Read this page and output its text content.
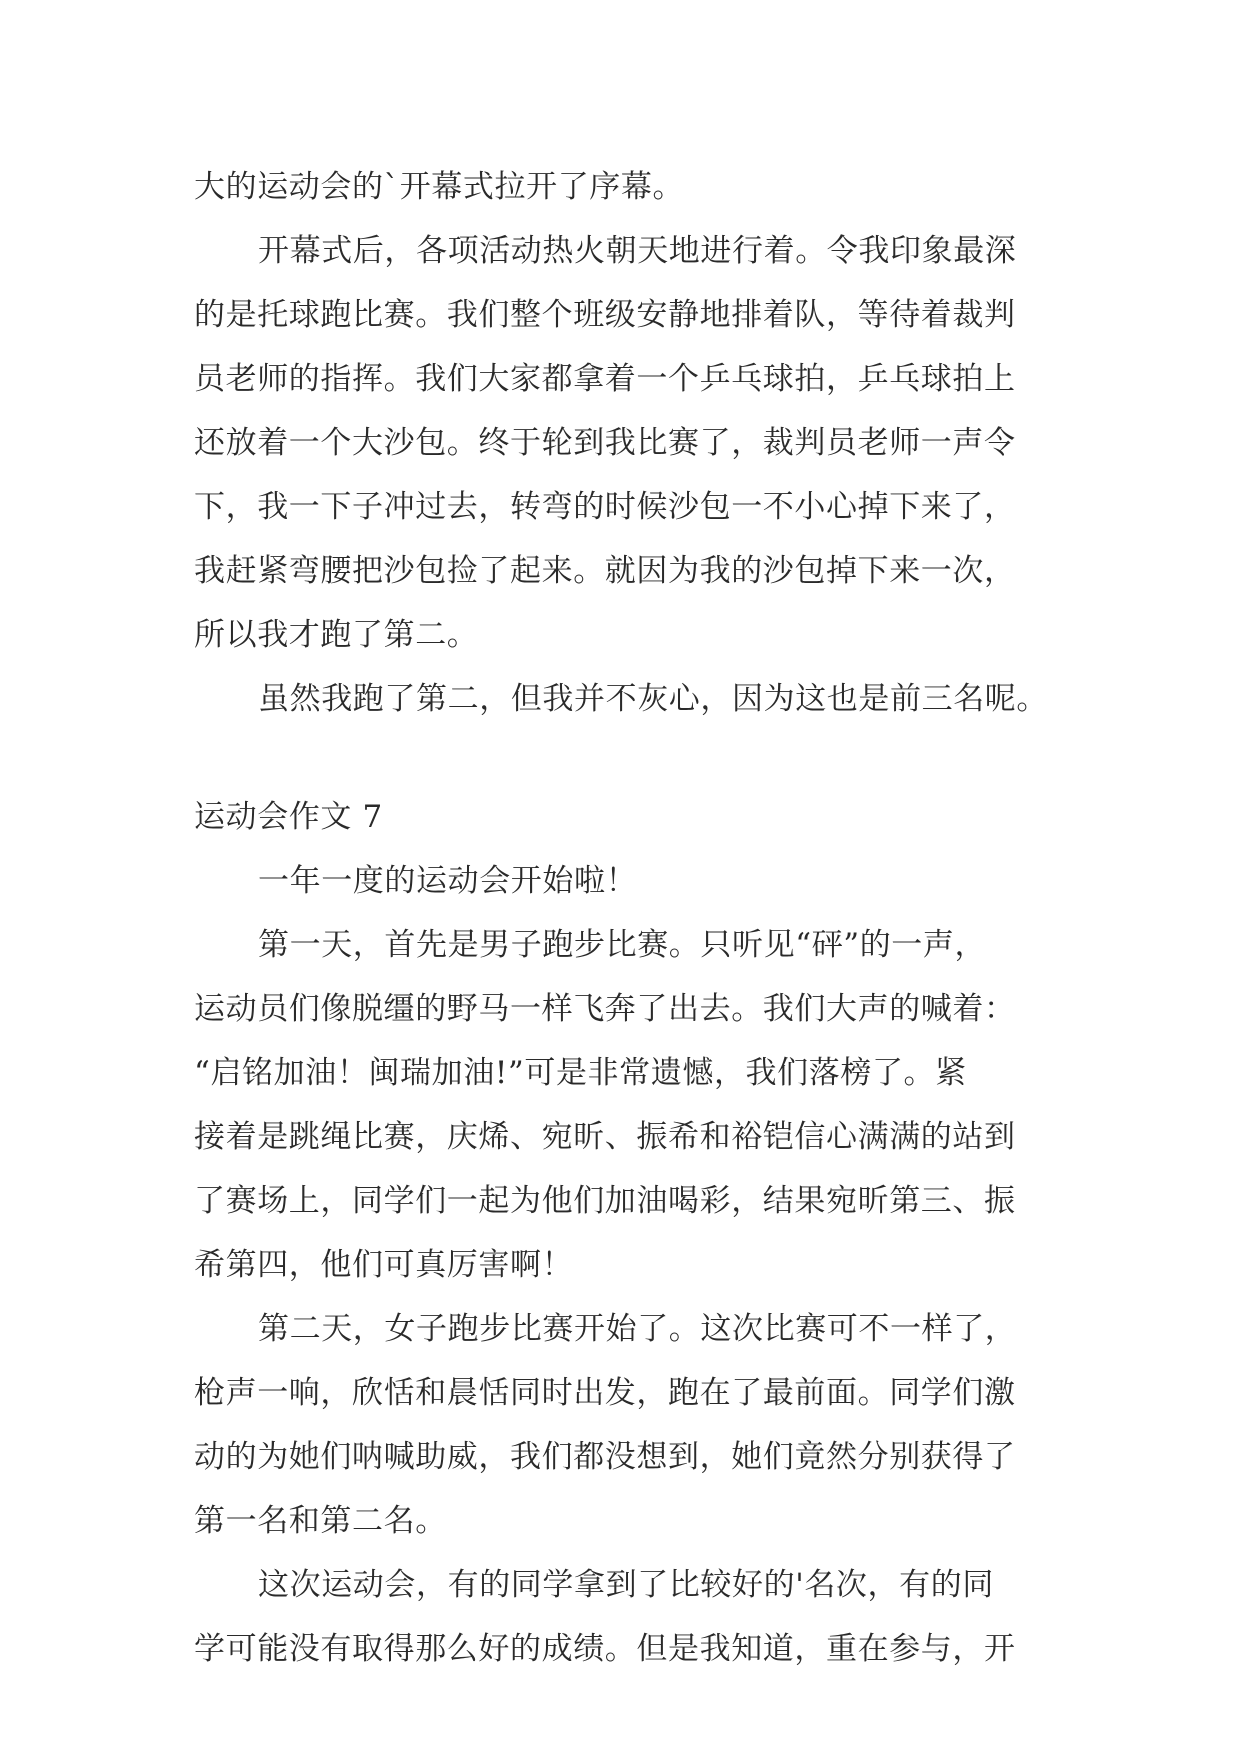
大的运动会的`开幕式拉开了序幕。
开幕式后，各项活动热火朝天地进行着。令我印象最深
的是托球跑比赛。我们整个班级安静地排着队，等待着裁判
员老师的指挥。我们大家都拿着一个乒乓球拍，乒乓球拍上
还放着一个大沙包。终于轮到我比赛了，裁判员老师一声令
下，我一下子冲过去，转弯的时候沙包一不小心掉下来了，
我赶紧弯腰把沙包捡了起来。就因为我的沙包掉下来一次，
所以我才跑了第二。
虽然我跑了第二，但我并不灰心，因为这也是前三名呢。
运动会作文 7
一年一度的运动会开始啦！
第一天，首先是男子跑步比赛。只听见“砰”的一声，
运动员们像脱缰的野马一样飞奔了出去。我们大声的喊着：
“启铭加油！闽瑞加油!”可是非常遗憾，我们落榜了。紧
接着是跳绳比赛，庆烯、宛昕、振希和裕铠信心满满的站到
了赛场上，同学们一起为他们加油喝彩，结果宛昕第三、振
希第四，他们可真厉害啊！
第二天，女子跑步比赛开始了。这次比赛可不一样了，
枪声一响，欣恬和晨恬同时出发，跑在了最前面。同学们激
动的为她们呐喊助威，我们都没想到，她们竟然分别获得了
第一名和第二名。
这次运动会，有的同学拿到了比较好的'名次，有的同
学可能没有取得那么好的成绩。但是我知道，重在参与，开
